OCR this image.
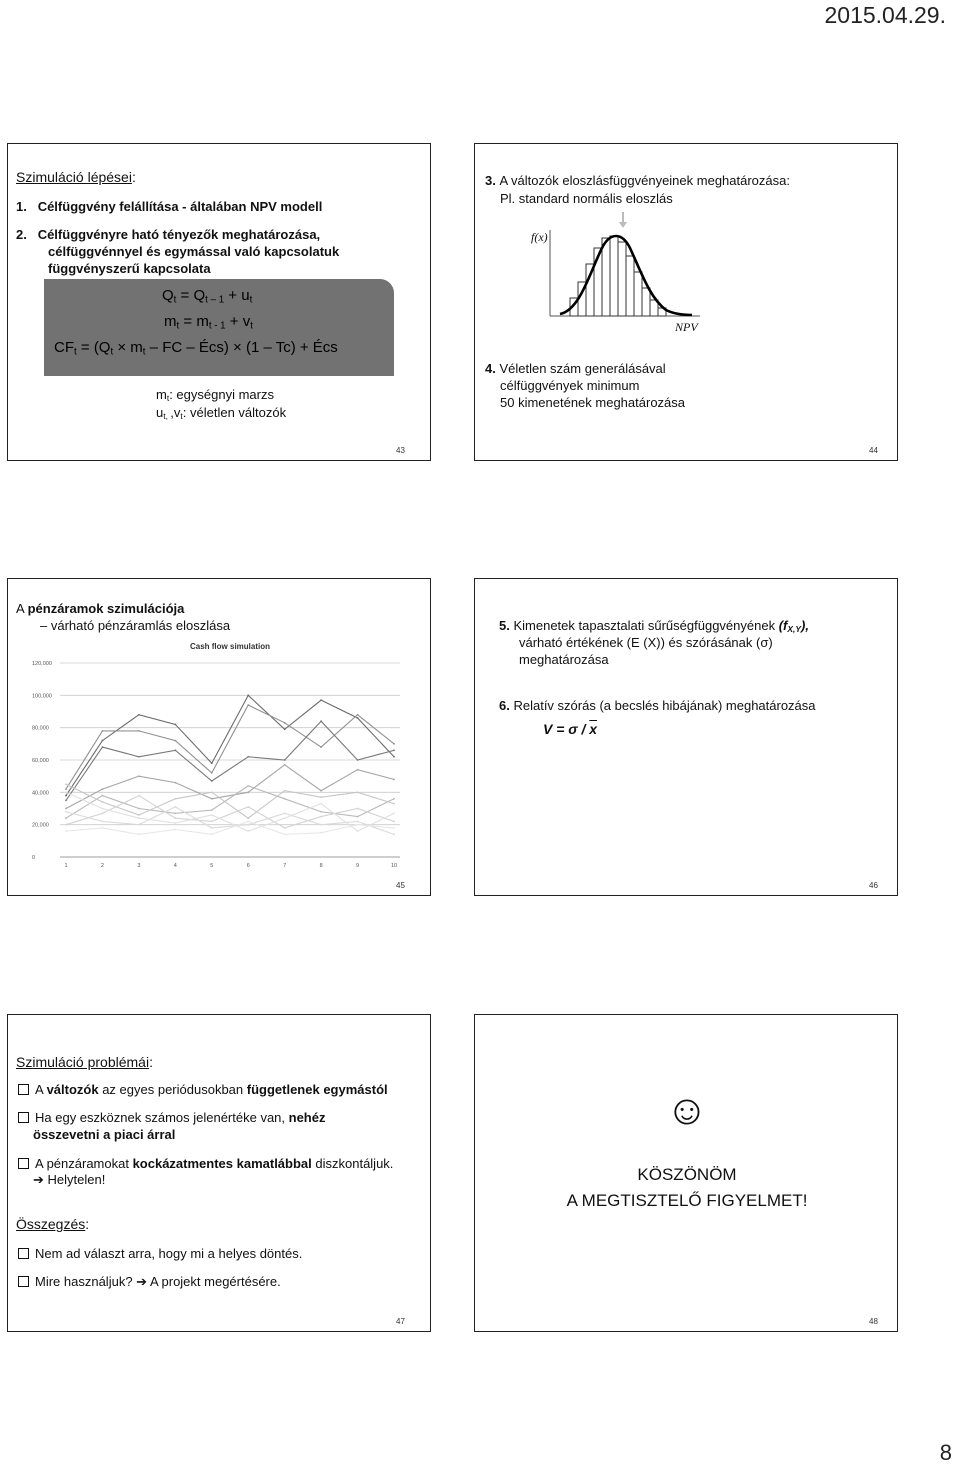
2015.04.29.
Szimuláció lépései:
1. Célfüggvény felállítása - általában NPV modell
2. Célfüggvényre ható tényezők meghatározása,
célfüggvénnyel és egymással való kapcsolatuk
függvényszerű kapcsolata
$Q_t = Q_{t - 1} + u_t$
$m_t = m_{t - 1} + v_t$
$CF_t = (Q_t \times m_t$ – FC – Écs) × (1 – Tc) + Écs
$m_t$: egységnyi marzs
$u_{t,}$ $,v_t$: véletlen változók
43
3. A változók eloszlásfüggvényeinek meghatározása:
Pl. standard normális eloszlás
f(x)
NPV
4. Véletlen szám generálásával
célfüggvények minimum
50 kimenetének meghatározása
44
A pénzáramok szimulációja
– várható pénzáramlás eloszlása
Cash flow simulation
0
20,000
40,000
60,000
80,000
100,000
120,000
1	2	3	4	5	6	7	8	9	10
45
5. Kimenetek tapasztalati sűrűségfüggvényének $(f_{X,Y})$,
várható értékének (E (X)) és szórásának (σ)
meghatározása
6. Relatív szórás (a becslés hibájának) meghatározása
$V = \sigma / \overline{x}$
46
Szimuláció problémái:
A változók az egyes periódusokban függetlenek egymástól
Ha egy eszköznek számos jelenértéke van, nehéz
összevetni a piaci árral
A pénzáramokat kockázatmentes kamatlábbal diszkontáljuk.
➔ Helytelen!
Összegzés:
Nem ad választ arra, hogy mi a helyes döntés.
Mire használjuk? ➔ A projekt megértésére.
47
☺
KÖSZÖNÖM
A MEGTISZTELŐ FIGYELMET!
48
8
